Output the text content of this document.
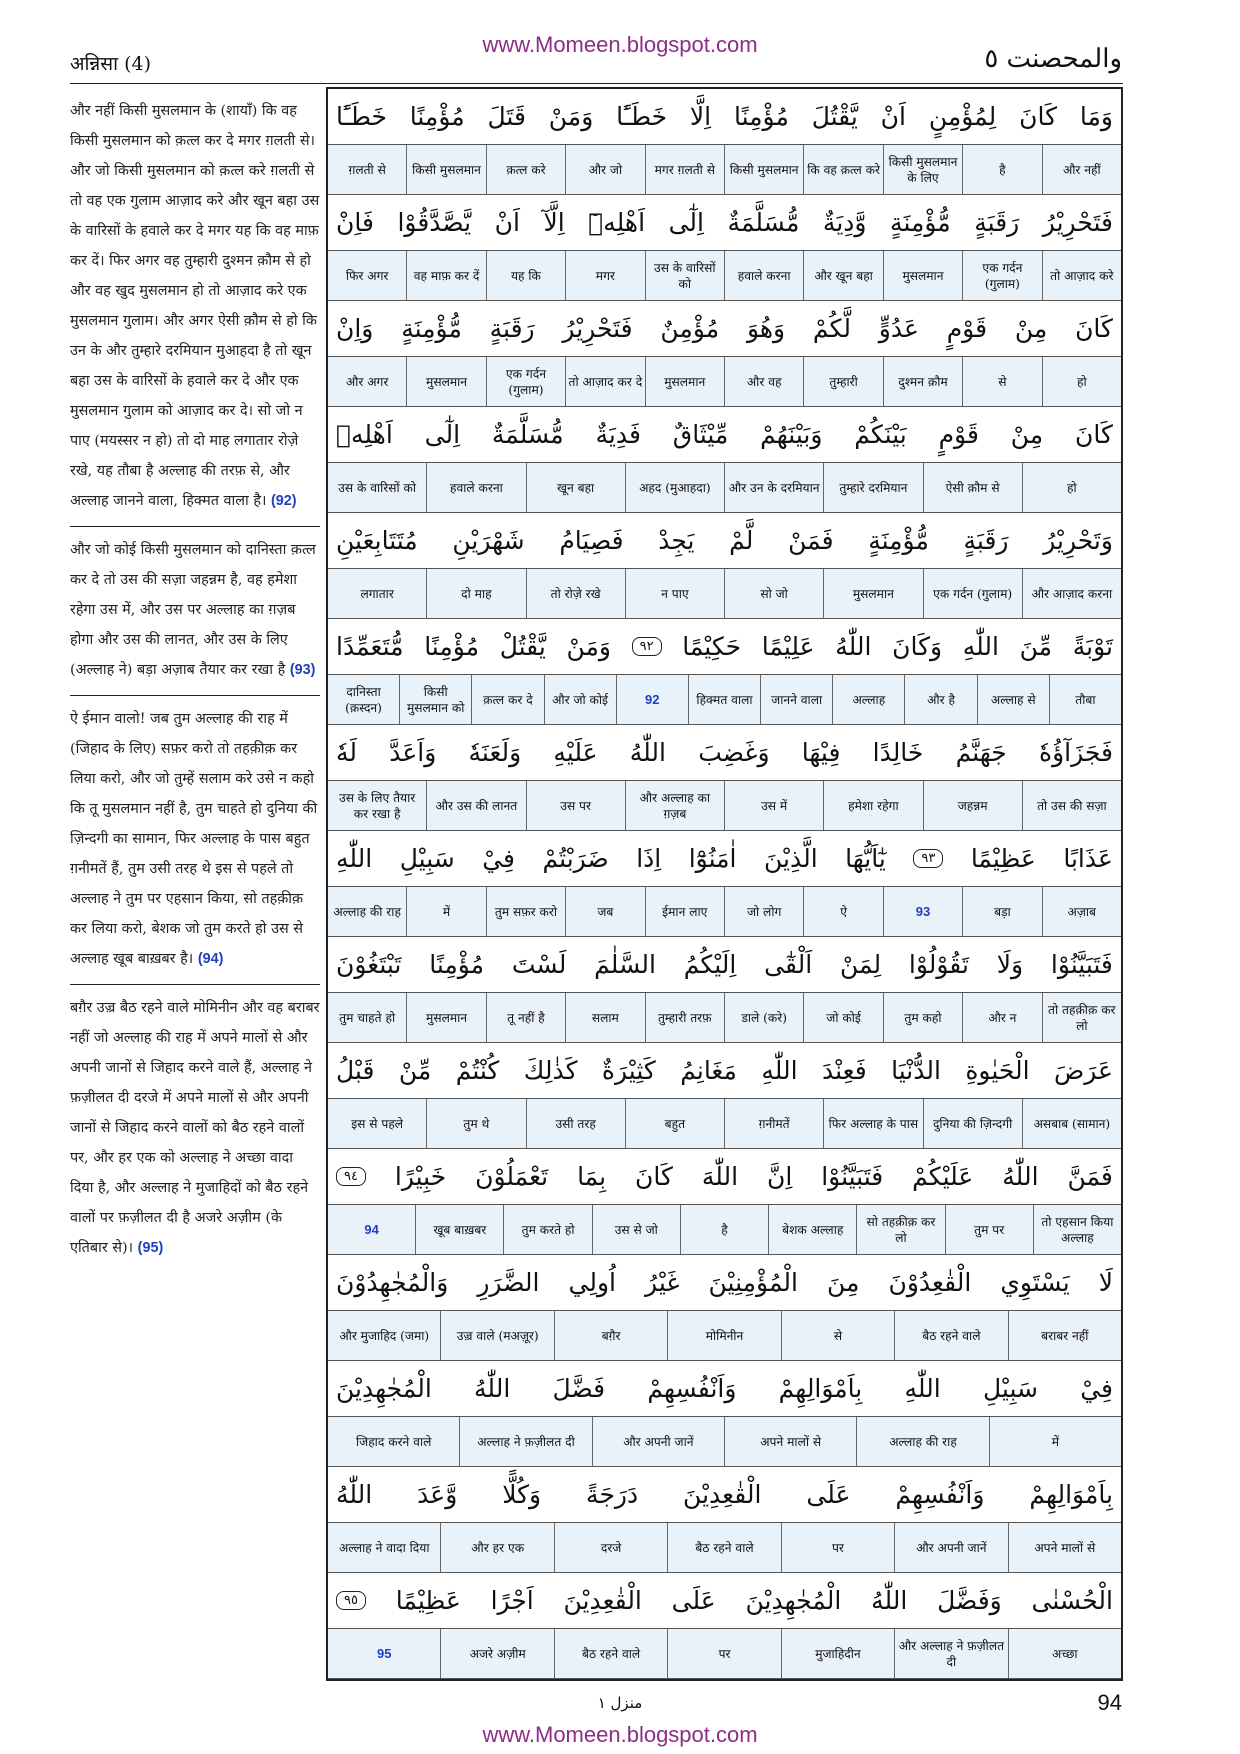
www.Momeen.blogspot.com
अन्निसा (4)	والمحصنت ٥
और नहीं किसी मुसलमान के (शायाँ) कि वह किसी मुसलमान को क़त्ल कर दे मगर ग़लती से। और जो किसी मुसलमान को क़त्ल करे ग़लती से तो वह एक गुलाम आज़ाद करे और खून बहा उस के वारिसों के हवाले कर दे मगर यह कि वह माफ़ कर दें। फिर अगर वह तुम्हारी दुश्मन क़ौम से हो और वह खुद मुसलमान हो तो आज़ाद करे एक मुसलमान गुलाम। और अगर ऐसी क़ौम से हो कि उन के और तुम्हारे दरमियान मुआहदा है तो खून बहा उस के वारिसों के हवाले कर दे और एक मुसलमान गुलाम को आज़ाद कर दे। सो जो न पाए (मयस्सर न हो) तो दो माह लगातार रोज़े रखे, यह तौबा है अल्लाह की तरफ़ से, और अल्लाह जानने वाला, हिक्मत वाला है। (92)
और जो कोई किसी मुसलमान को दानिस्ता क़त्ल कर दे तो उस की सज़ा जहन्नम है, वह हमेशा रहेगा उस में, और उस पर अल्लाह का ग़ज़ब होगा और उस की लानत, और उस के लिए (अल्लाह ने) बड़ा अज़ाब तैयार कर रखा है (93)
ऐ ईमान वालो! जब तुम अल्लाह की राह में (जिहाद के लिए) सफ़र करो तो तहक़ीक़ कर लिया करो, और जो तुम्हें सलाम करे उसे न कहो कि तू मुसलमान नहीं है, तुम चाहते हो दुनिया की ज़िन्दगी का सामान, फिर अल्लाह के पास बहुत ग़नीमतें हैं, तुम उसी तरह थे इस से पहले तो अल्लाह ने तुम पर एहसान किया, सो तहक़ीक़ कर लिया करो, बेशक जो तुम करते हो उस से अल्लाह खूब बाख़बर है। (94)
बग़ैर उज़्र बैठ रहने वाले मोमिनीन और वह बराबर नहीं जो अल्लाह की राह में अपने मालों से और अपनी जानों से जिहाद करने वाले हैं, अल्लाह ने फ़ज़ीलत दी दरजे में अपने मालों से और अपनी जानों से जिहाद करने वालों को बैठ रहने वालों पर, और हर एक को अल्लाह ने अच्छा वादा दिया है, और अल्लाह ने मुजाहिदों को बैठ रहने वालों पर फ़ज़ीलत दी है अजरे अज़ीम (के एतिबार से)। (95)
وَمَا
كَانَ
لِمُؤْمِنٍ
اَنْ
يَّقْتُلَ
مُؤْمِنًا
اِلَّا
خَطَـًٔا
وَمَنْ
قَتَلَ
مُؤْمِنًا
خَطَـًٔا
और नहीं
है
किसी मुसलमान के लिए
कि वह क़त्ल करे
किसी मुसलमान
मगर ग़लती से
और जो
क़त्ल करे
किसी मुसलमान
ग़लती से
فَتَحْرِيْرُ
رَقَبَةٍ
مُّؤْمِنَةٍ
وَّدِيَةٌ
مُّسَلَّمَةٌ
اِلٰٓى
اَهْلِهٖٓ
اِلَّآ
اَنْ
يَّصَّدَّقُوْا
فَاِنْ
तो आज़ाद करे
एक गर्दन (गुलाम)
मुसलमान
और खून बहा
हवाले करना
उस के वारिसों को
मगर
यह कि
वह माफ़ कर दें
फिर अगर
كَانَ
مِنْ
قَوْمٍ
عَدُوٍّ
لَّكُمْ
وَهُوَ
مُؤْمِنٌ
فَتَحْرِيْرُ
رَقَبَةٍ
مُّؤْمِنَةٍ
وَاِنْ
हो
से
दुश्मन क़ौम
तुम्हारी
और वह
मुसलमान
तो आज़ाद कर दे
एक गर्दन (गुलाम)
मुसलमान
और अगर
كَانَ
مِنْ
قَوْمٍ
بَيْنَكُمْ
وَبَيْنَهُمْ
مِّيْثَاقٌ
فَدِيَةٌ
مُّسَلَّمَةٌ
اِلٰٓى
اَهْلِهٖ
हो
ऐसी क़ौम से
तुम्हारे दरमियान
और उन के दरमियान
अहद (मुआहदा)
खून बहा
हवाले करना
उस के वारिसों को
وَتَحْرِيْرُ
رَقَبَةٍ
مُّؤْمِنَةٍ
فَمَنْ
لَّمْ
يَجِدْ
فَصِيَامُ
شَهْرَيْنِ
مُتَتَابِعَيْنِ
और आज़ाद करना
एक गर्दन (गुलाम)
मुसलमान
सो जो
न पाए
तो रोज़े रखे
दो माह
लगातार
تَوْبَةً
مِّنَ
اللّٰهِ
وَكَانَ
اللّٰهُ
عَلِيْمًا
حَكِيْمًا
٩٢
وَمَنْ
يَّقْتُلْ
مُؤْمِنًا
مُّتَعَمِّدًا
तौबा
अल्लाह से
और है
अल्लाह
जानने वाला
हिक्मत वाला
92
और जो कोई
क़त्ल कर दे
किसी मुसलमान को
दानिस्ता (क़स्दन)
فَجَزَآؤُهٗ
جَهَنَّمُ
خَالِدًا
فِيْهَا
وَغَضِبَ
اللّٰهُ
عَلَيْهِ
وَلَعَنَهٗ
وَاَعَدَّ
لَهٗ
तो उस की सज़ा
जहन्नम
हमेशा रहेगा
उस में
और अल्लाह का ग़ज़ब
उस पर
और उस की लानत
उस के लिए तैयार कर रखा है
عَذَابًا
عَظِيْمًا
٩٣
يٰٓاَيُّهَا
الَّذِيْنَ
اٰمَنُوْٓا
اِذَا
ضَرَبْتُمْ
فِيْ
سَبِيْلِ
اللّٰهِ
अज़ाब
बड़ा
93
ऐ
जो लोग
ईमान लाए
जब
तुम सफ़र करो
में
अल्लाह की राह
فَتَبَيَّنُوْا
وَلَا
تَقُوْلُوْا
لِمَنْ
اَلْقٰٓى
اِلَيْكُمُ
السَّلٰمَ
لَسْتَ
مُؤْمِنًا
تَبْتَغُوْنَ
तो तहक़ीक़ कर लो
और न
तुम कहो
जो कोई
डाले (करे)
तुम्हारी तरफ़
सलाम
तू नहीं है
मुसलमान
तुम चाहते हो
عَرَضَ
الْحَيٰوةِ
الدُّنْيَا
فَعِنْدَ
اللّٰهِ
مَغَانِمُ
كَثِيْرَةٌ
كَذٰلِكَ
كُنْتُمْ
مِّنْ
قَبْلُ
असबाब (सामान)
दुनिया की ज़िन्दगी
फिर अल्लाह के पास
ग़नीमतें
बहुत
उसी तरह
तुम थे
इस से पहले
فَمَنَّ
اللّٰهُ
عَلَيْكُمْ
فَتَبَيَّنُوْا
اِنَّ
اللّٰهَ
كَانَ
بِمَا
تَعْمَلُوْنَ
خَبِيْرًا
٩٤
तो एहसान किया अल्लाह
तुम पर
सो तहक़ीक़ कर लो
बेशक अल्लाह
है
उस से जो
तुम करते हो
खूब बाख़बर
94
لَا
يَسْتَوِي
الْقٰعِدُوْنَ
مِنَ
الْمُؤْمِنِيْنَ
غَيْرُ
اُولِي
الضَّرَرِ
وَالْمُجٰهِدُوْنَ
बराबर नहीं
बैठ रहने वाले
से
मोमिनीन
बग़ैर
उज़्र वाले (मअज़ूर)
और मुजाहिद (जमा)
فِيْ
سَبِيْلِ
اللّٰهِ
بِاَمْوَالِهِمْ
وَاَنْفُسِهِمْ
فَضَّلَ
اللّٰهُ
الْمُجٰهِدِيْنَ
में
अल्लाह की राह
अपने मालों से
और अपनी जानें
अल्लाह ने फ़ज़ीलत दी
जिहाद करने वाले
بِاَمْوَالِهِمْ
وَاَنْفُسِهِمْ
عَلَى
الْقٰعِدِيْنَ
دَرَجَةً
وَكُلًّا
وَّعَدَ
اللّٰهُ
अपने मालों से
और अपनी जानें
पर
बैठ रहने वाले
दरजे
और हर एक
अल्लाह ने वादा दिया
الْحُسْنٰى
وَفَضَّلَ
اللّٰهُ
الْمُجٰهِدِيْنَ
عَلَى
الْقٰعِدِيْنَ
اَجْرًا
عَظِيْمًا
٩٥
अच्छा
और अल्लाह ने फ़ज़ीलत दी
मुजाहिदीन
पर
बैठ रहने वाले
अजरे अज़ीम
95
منزل ١	94
www.Momeen.blogspot.com
